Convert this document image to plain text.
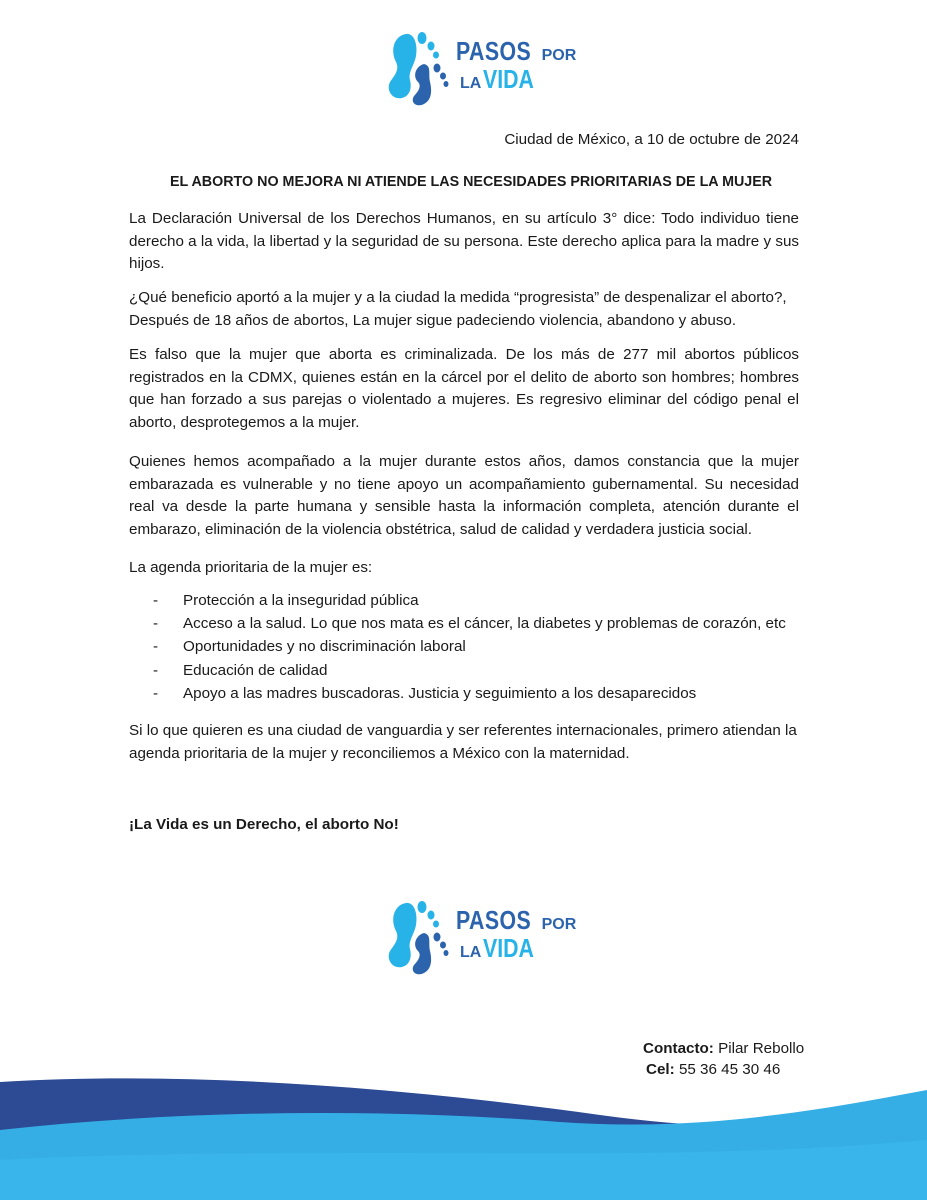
PASOS POR
LA VIDA
Ciudad de México, a 10 de octubre de 2024
EL ABORTO NO MEJORA NI ATIENDE LAS NECESIDADES PRIORITARIAS DE LA MUJER

La Declaración Universal de los Derechos Humanos, en su artículo 3° dice: Todo individuo tiene derecho a la vida, la libertad y la seguridad de su persona. Este derecho aplica para la madre y sus hijos.

¿Qué beneficio aportó a la mujer y a la ciudad la medida “progresista” de despenalizar el aborto?, Después de 18 años de abortos, La mujer sigue padeciendo violencia, abandono y abuso.

Es falso que la mujer que aborta es criminalizada. De los más de 277 mil abortos públicos registrados en la CDMX, quienes están en la cárcel por el delito de aborto son hombres; hombres que han forzado a sus parejas o violentado a mujeres. Es regresivo eliminar del código penal el aborto, desprotegemos a la mujer.

Quienes hemos acompañado a la mujer durante estos años, damos constancia que la mujer embarazada es vulnerable y no tiene apoyo un acompañamiento gubernamental. Su necesidad real va desde la parte humana y sensible hasta la información completa, atención durante el embarazo, eliminación de la violencia obstétrica, salud de calidad y verdadera justicia social.

La agenda prioritaria de la mujer es:

-	Protección a la inseguridad pública
-	Acceso a la salud. Lo que nos mata es el cáncer, la diabetes y problemas de corazón, etc
-	Oportunidades y no discriminación laboral
-	Educación de calidad
-	Apoyo a las madres buscadoras. Justicia y seguimiento a los desaparecidos

Si lo que quieren es una ciudad de vanguardia y ser referentes internacionales, primero atiendan la agenda prioritaria de la mujer y reconciliemos a México con la maternidad.

¡La Vida es un Derecho, el aborto No!
PASOS POR
LA VIDA
Contacto: Pilar Rebollo
Cel: 55 36 45 30 46
